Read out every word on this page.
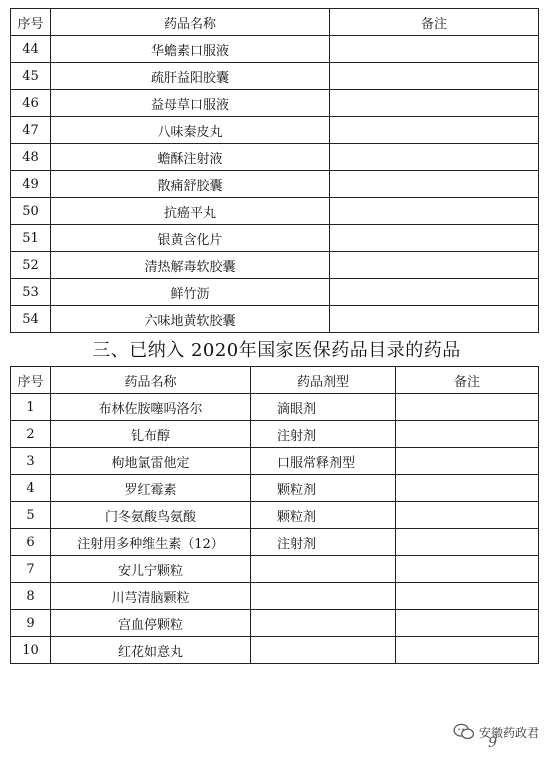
序号	药品名称	备注
44	华蟾素口服液	
45	疏肝益阳胶囊	
46	益母草口服液	
47	八味秦皮丸	
48	蟾酥注射液	
49	散痛舒胶囊	
50	抗癌平丸	
51	银黄含化片	
52	清热解毒软胶囊	
53	鲜竹沥	
54	六味地黄软胶囊	
三、已纳入 2020年国家医保药品目录的药品
序号	药品名称	药品剂型	备注
1	布林佐胺噻吗洛尔	滴眼剂	
2	钆布醇	注射剂	
3	枸地氯雷他定	口服常释剂型	
4	罗红霉素	颗粒剂	
5	门冬氨酸鸟氨酸	颗粒剂	
6	注射用多种维生素（12）	注射剂	
7	安儿宁颗粒		
8	川芎清脑颗粒		
9	宫血停颗粒		
10	红花如意丸		
安徽药政君
9
